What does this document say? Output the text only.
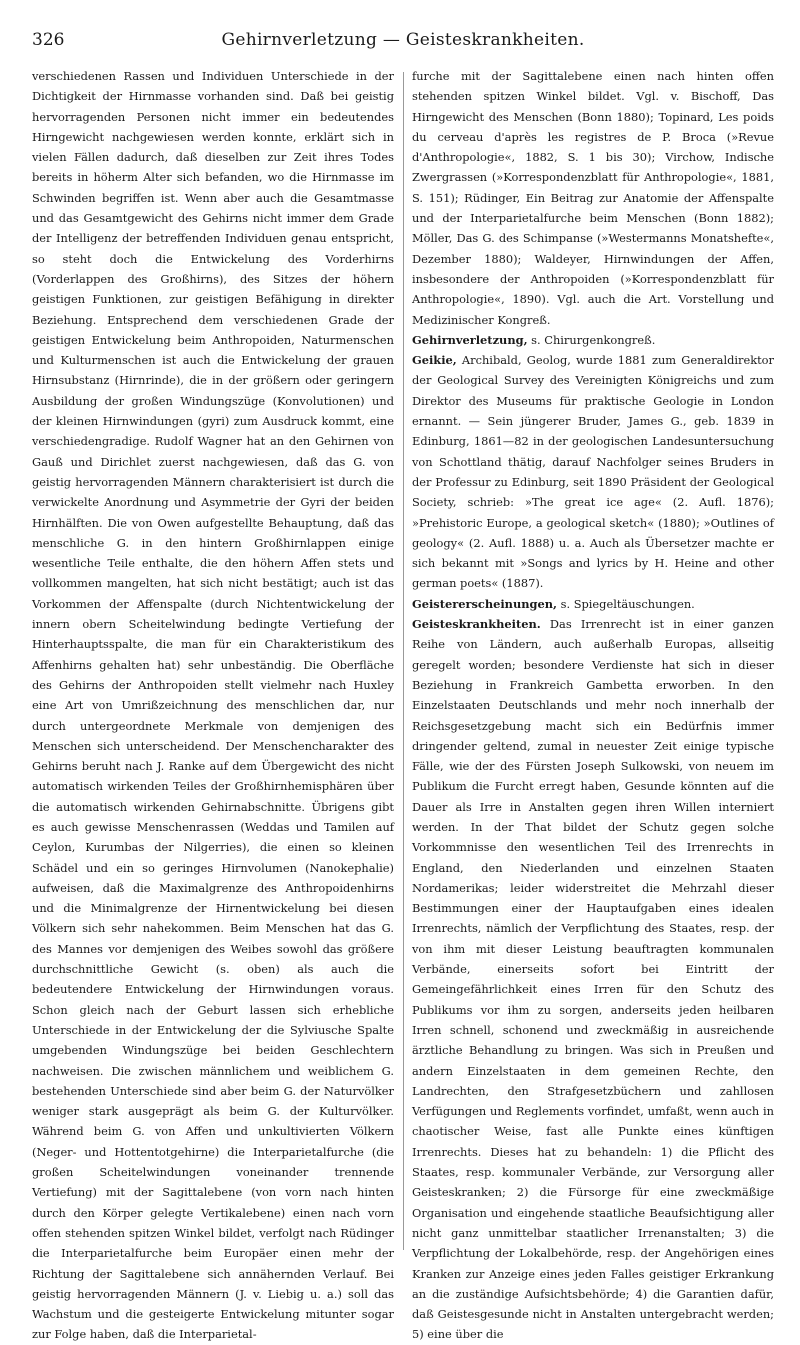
326	Gehirnverletzung — Geisteskrankheiten.

verschiedenen Rassen und Individuen Unterschiede in der Dichtigkeit der Hirnmasse vorhanden sind. Daß bei geistig hervorragenden Personen nicht immer ein bedeutendes Hirngewicht nachgewiesen werden konnte, erklärt sich in vielen Fällen dadurch, daß dieselben zur Zeit ihres Todes bereits in höherm Alter sich befanden, wo die Hirnmasse im Schwinden begriffen ist. Wenn aber auch die Gesamtmasse und das Gesamtgewicht des Gehirns nicht immer dem Grade der Intelligenz der betreffenden Individuen genau entspricht, so steht doch die Entwickelung des Vorderhirns (Vorderlappen des Großhirns), des Sitzes der höhern geistigen Funktionen, zur geistigen Befähigung in direkter Beziehung. Entsprechend dem verschiedenen Grade der geistigen Entwickelung beim Anthropoiden, Naturmenschen und Kulturmenschen ist auch die Entwickelung der grauen Hirnsubstanz (Hirnrinde), die in der größern oder geringern Ausbildung der großen Windungszüge (Konvolutionen) und der kleinen Hirnwindungen (gyri) zum Ausdruck kommt, eine verschiedengradige. Rudolf Wagner hat an den Gehirnen von Gauß und Dirichlet zuerst nachgewiesen, daß das G. von geistig hervorragenden Männern charakterisiert ist durch die verwickelte Anordnung und Asymmetrie der Gyri der beiden Hirnhälften. Die von Owen aufgestellte Behauptung, daß das menschliche G. in den hintern Großhirnlappen einige wesentliche Teile enthalte, die den höhern Affen stets und vollkommen mangelten, hat sich nicht bestätigt; auch ist das Vorkommen der Affenspalte (durch Nichtentwickelung der innern obern Scheitelwindung bedingte Vertiefung der Hinterhauptsspalte, die man für ein Charakteristikum des Affenhirns gehalten hat) sehr unbeständig. Die Oberfläche des Gehirns der Anthropoiden stellt vielmehr nach Huxley eine Art von Umrißzeichnung des menschlichen dar, nur durch untergeordnete Merkmale von demjenigen des Menschen sich unterscheidend. Der Menschencharakter des Gehirns beruht nach J. Ranke auf dem Übergewicht des nicht automatisch wirkenden Teiles der Großhirnhemisphären über die automatisch wirkenden Gehirnabschnitte. Übrigens gibt es auch gewisse Menschenrassen (Weddas und Tamilen auf Ceylon, Kurumbas der Nilgerries), die einen so kleinen Schädel und ein so geringes Hirnvolumen (Nanokephalie) aufweisen, daß die Maximalgrenze des Anthropoidenhirns und die Minimalgrenze der Hirnentwickelung bei diesen Völkern sich sehr nahekommen. Beim Menschen hat das G. des Mannes vor demjenigen des Weibes sowohl das größere durchschnittliche Gewicht (s. oben) als auch die bedeutendere Entwickelung der Hirnwindungen voraus. Schon gleich nach der Geburt lassen sich erhebliche Unterschiede in der Entwickelung der die Sylviusche Spalte umgebenden Windungszüge bei beiden Geschlechtern nachweisen. Die zwischen männlichem und weiblichem G. bestehenden Unterschiede sind aber beim G. der Naturvölker weniger stark ausgeprägt als beim G. der Kulturvölker. Während beim G. von Affen und unkultivierten Völkern (Neger- und Hottentotgehirne) die Interparietalfurche (die großen Scheitelwindungen voneinander trennende Vertiefung) mit der Sagittalebene (von vorn nach hinten durch den Körper gelegte Vertikalebene) einen nach vorn offen stehenden spitzen Winkel bildet, verfolgt nach Rüdinger die Interparietalfurche beim Europäer einen mehr der Richtung der Sagittalebene sich annähernden Verlauf. Bei geistig hervorragenden Männern (J. v. Liebig u. a.) soll das Wachstum und die gesteigerte Entwickelung mitunter sogar zur Folge haben, daß die Interparietal-

furche mit der Sagittalebene einen nach hinten offen stehenden spitzen Winkel bildet. Vgl. v. Bischoff, Das Hirngewicht des Menschen (Bonn 1880); Topinard, Les poids du cerveau d'après les registres de P. Broca (»Revue d'Anthropologie«, 1882, S. 1 bis 30); Virchow, Indische Zwergrassen (»Korrespondenzblatt für Anthropologie«, 1881, S. 151); Rüdinger, Ein Beitrag zur Anatomie der Affenspalte und der Interparietalfurche beim Menschen (Bonn 1882); Möller, Das G. des Schimpanse (»Westermanns Monatshefte«, Dezember 1880); Waldeyer, Hirnwindungen der Affen, insbesondere der Anthropoiden (»Korrespondenzblatt für Anthropologie«, 1890). Vgl. auch die Art. Vorstellung und Medizinischer Kongreß.

Gehirnverletzung, s. Chirurgenkongreß.

Geikie, Archibald, Geolog, wurde 1881 zum Generaldirektor der Geological Survey des Vereinigten Königreichs und zum Direktor des Museums für praktische Geologie in London ernannt. — Sein jüngerer Bruder, James G., geb. 1839 in Edinburg, 1861—82 in der geologischen Landesuntersuchung von Schottland thätig, darauf Nachfolger seines Bruders in der Professur zu Edinburg, seit 1890 Präsident der Geological Society, schrieb: »The great ice age« (2. Aufl. 1876); »Prehistoric Europe, a geological sketch« (1880); »Outlines of geology« (2. Aufl. 1888) u. a. Auch als Übersetzer machte er sich bekannt mit »Songs and lyrics by H. Heine and other german poets« (1887).

Geistererscheinungen, s. Spiegeltäuschungen.

Geisteskrankheiten. Das Irrenrecht ist in einer ganzen Reihe von Ländern, auch außerhalb Europas, allseitig geregelt worden; besondere Verdienste hat sich in dieser Beziehung in Frankreich Gambetta erworben. In den Einzelstaaten Deutschlands und mehr noch innerhalb der Reichsgesetzgebung macht sich ein Bedürfnis immer dringender geltend, zumal in neuester Zeit einige typische Fälle, wie der des Fürsten Joseph Sulkowski, von neuem im Publikum die Furcht erregt haben, Gesunde könnten auf die Dauer als Irre in Anstalten gegen ihren Willen interniert werden. In der That bildet der Schutz gegen solche Vorkommnisse den wesentlichen Teil des Irrenrechts in England, den Niederlanden und einzelnen Staaten Nordamerikas; leider widerstreitet die Mehrzahl dieser Bestimmungen einer der Hauptaufgaben eines idealen Irrenrechts, nämlich der Verpflichtung des Staates, resp. der von ihm mit dieser Leistung beauftragten kommunalen Verbände, einerseits sofort bei Eintritt der Gemeingefährlichkeit eines Irren für den Schutz des Publikums vor ihm zu sorgen, anderseits jeden heilbaren Irren schnell, schonend und zweckmäßig in ausreichende ärztliche Behandlung zu bringen. Was sich in Preußen und andern Einzelstaaten in dem gemeinen Rechte, den Landrechten, den Strafgesetzbüchern und zahllosen Verfügungen und Reglements vorfindet, umfaßt, wenn auch in chaotischer Weise, fast alle Punkte eines künftigen Irrenrechts. Dieses hat zu behandeln: 1) die Pflicht des Staates, resp. kommunaler Verbände, zur Versorgung aller Geisteskranken; 2) die Fürsorge für eine zweckmäßige Organisation und eingehende staatliche Beaufsichtigung aller nicht ganz unmittelbar staatlicher Irrenanstalten; 3) die Verpflichtung der Lokalbehörde, resp. der Angehörigen eines Kranken zur Anzeige eines jeden Falles geistiger Erkrankung an die zuständige Aufsichtsbehörde; 4) die Garantien dafür, daß Geistesgesunde nicht in Anstalten untergebracht werden; 5) eine über die
